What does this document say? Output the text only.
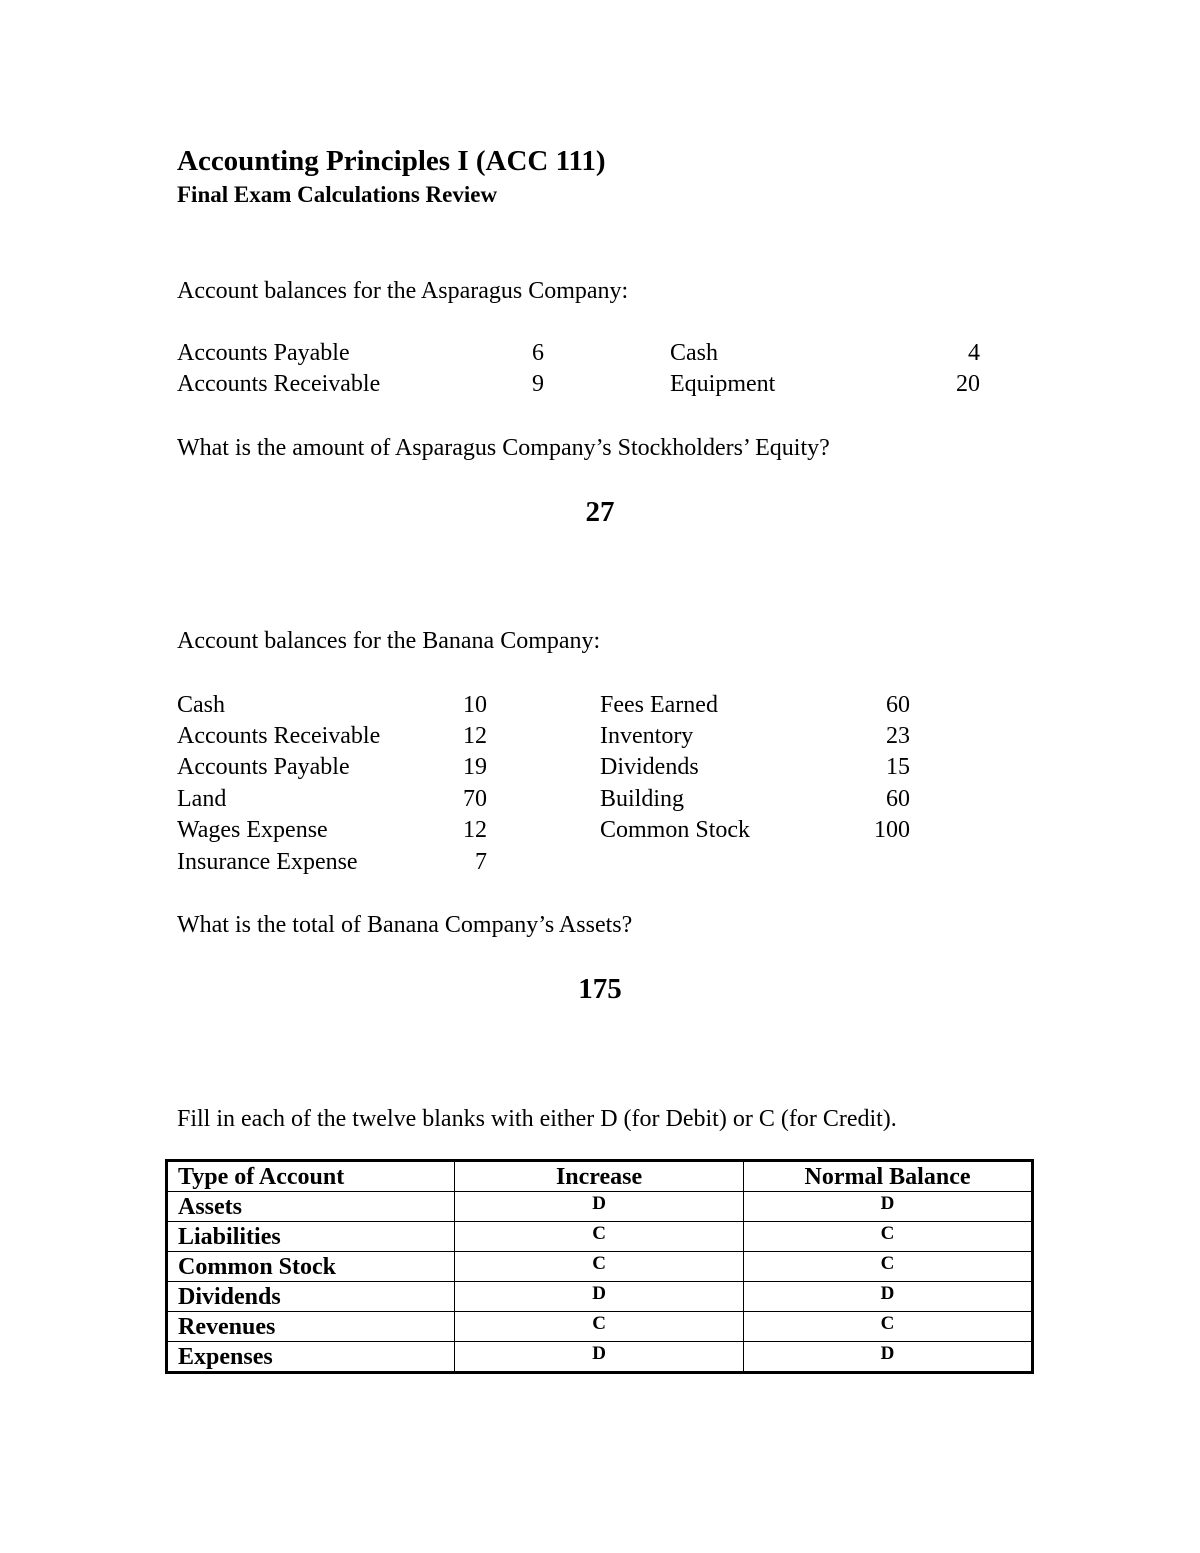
Accounting Principles I (ACC 111)
Final Exam Calculations Review
Account balances for the Asparagus Company:
Accounts Payable	6	Cash	4
Accounts Receivable	9	Equipment	20
What is the amount of Asparagus Company’s Stockholders’ Equity?
27
Account balances for the Banana Company:
Cash	10	Fees Earned	60
Accounts Receivable	12	Inventory	23
Accounts Payable	19	Dividends	15
Land	70	Building	60
Wages Expense	12	Common Stock	100
Insurance Expense	7
What is the total of Banana Company’s Assets?
175
Fill in each of the twelve blanks with either D (for Debit) or C (for Credit).
Type of Account	Increase	Normal Balance
Assets	D	D
Liabilities	C	C
Common Stock	C	C
Dividends	D	D
Revenues	C	C
Expenses	D	D
